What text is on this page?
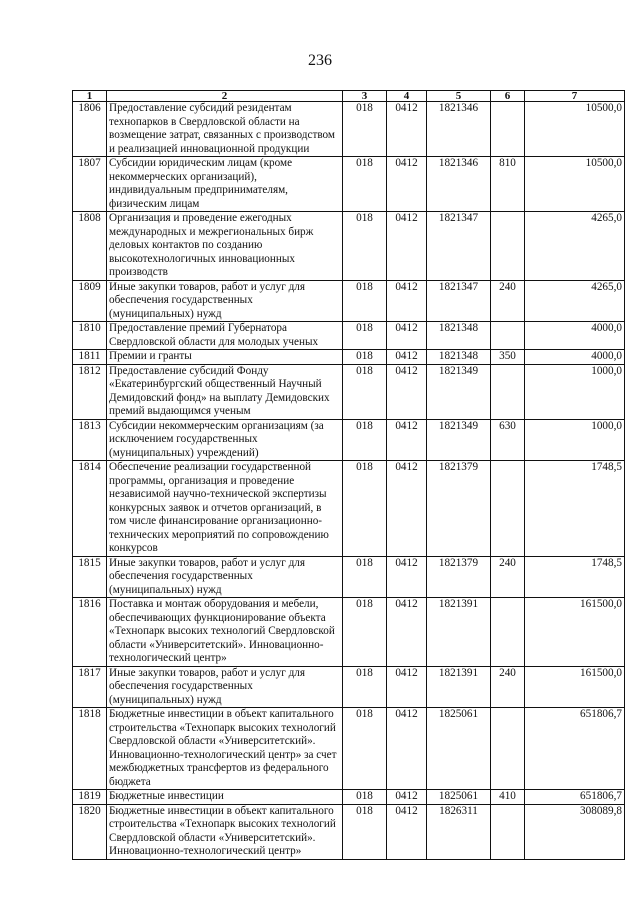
236
1	2	3	4	5	6	7
1806	Предоставление субсидий резидентам технопарков в Свердловской области на возмещение затрат, связанных с производством и реализацией инновационной продукции	018	0412	1821346		10500,0
1807	Субсидии юридическим лицам (кроме некоммерческих организаций), индивидуальным предпринимателям, физическим лицам	018	0412	1821346	810	10500,0
1808	Организация и проведение ежегодных международных и межрегиональных бирж деловых контактов по созданию высокотехнологичных инновационных производств	018	0412	1821347		4265,0
1809	Иные закупки товаров, работ и услуг для обеспечения государственных (муниципальных) нужд	018	0412	1821347	240	4265,0
1810	Предоставление премий Губернатора Свердловской области для молодых ученых	018	0412	1821348		4000,0
1811	Премии и гранты	018	0412	1821348	350	4000,0
1812	Предоставление субсидий Фонду «Екатеринбургский общественный Научный Демидовский фонд» на выплату Демидовских премий выдающимся ученым	018	0412	1821349		1000,0
1813	Субсидии некоммерческим организациям (за исключением государственных (муниципальных) учреждений)	018	0412	1821349	630	1000,0
1814	Обеспечение реализации государственной программы, организация и проведение независимой научно-технической экспертизы конкурсных заявок и отчетов организаций, в том числе финансирование организационно-технических мероприятий по сопровождению конкурсов	018	0412	1821379		1748,5
1815	Иные закупки товаров, работ и услуг для обеспечения государственных (муниципальных) нужд	018	0412	1821379	240	1748,5
1816	Поставка и монтаж оборудования и мебели, обеспечивающих функционирование объекта «Технопарк высоких технологий Свердловской области «Университетский». Инновационно-технологический центр»	018	0412	1821391		161500,0
1817	Иные закупки товаров, работ и услуг для обеспечения государственных (муниципальных) нужд	018	0412	1821391	240	161500,0
1818	Бюджетные инвестиции в объект капитального строительства «Технопарк высоких технологий Свердловской области «Университетский». Инновационно-технологический центр» за счет межбюджетных трансфертов из федерального бюджета	018	0412	1825061		651806,7
1819	Бюджетные инвестиции	018	0412	1825061	410	651806,7
1820	Бюджетные инвестиции в объект капитального строительства «Технопарк высоких технологий Свердловской области «Университетский». Инновационно-технологический центр»	018	0412	1826311		308089,8
